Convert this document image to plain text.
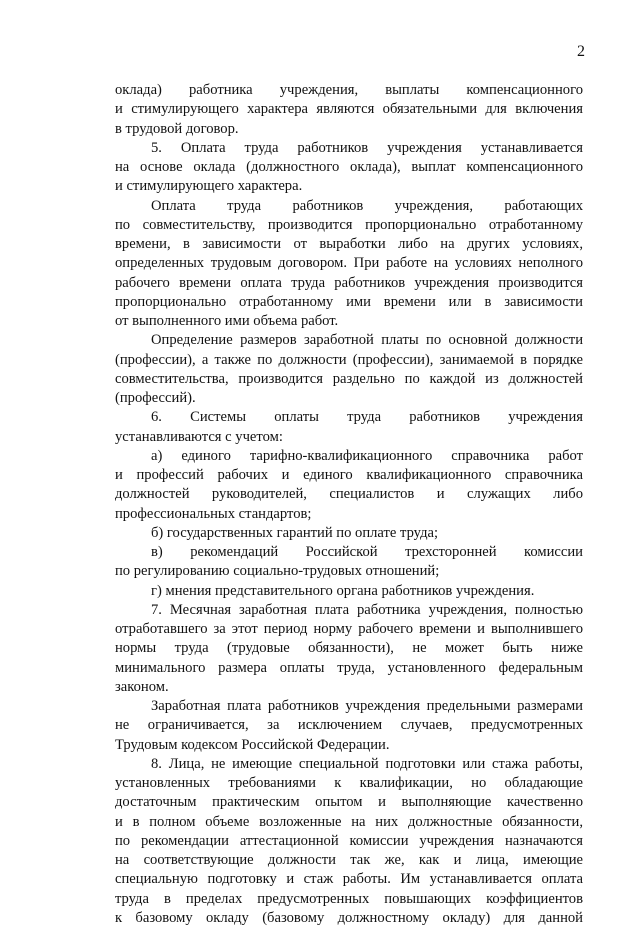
2
оклада) работника учреждения, выплаты компенсационного
и стимулирующего характера являются обязательными для включения
в трудовой договор.
5. Оплата труда работников учреждения устанавливается
на основе оклада (должностного оклада), выплат компенсационного
и стимулирующего характера.
Оплата труда работников учреждения, работающих
по совместительству, производится пропорционально отработанному
времени, в зависимости от выработки либо на других условиях,
определенных трудовым договором. При работе на условиях неполного
рабочего времени оплата труда работников учреждения производится
пропорционально отработанному ими времени или в зависимости
от выполненного ими объема работ.
Определение размеров заработной платы по основной должности
(профессии), а также по должности (профессии), занимаемой в порядке
совместительства, производится раздельно по каждой из должностей
(профессий).
6. Системы оплаты труда работников учреждения
устанавливаются с учетом:
а) единого тарифно-квалификационного справочника работ
и профессий рабочих и единого квалификационного справочника
должностей руководителей, специалистов и служащих либо
профессиональных стандартов;
б) государственных гарантий по оплате труда;
в) рекомендаций Российской трехсторонней комиссии
по регулированию социально-трудовых отношений;
г) мнения представительного органа работников учреждения.
7. Месячная заработная плата работника учреждения, полностью
отработавшего за этот период норму рабочего времени и выполнившего
нормы труда (трудовые обязанности), не может быть ниже
минимального размера оплаты труда, установленного федеральным
законом.
Заработная плата работников учреждения предельными размерами
не ограничивается, за исключением случаев, предусмотренных
Трудовым кодексом Российской Федерации.
8. Лица, не имеющие специальной подготовки или стажа работы,
установленных требованиями к квалификации, но обладающие
достаточным практическим опытом и выполняющие качественно
и в полном объеме возложенные на них должностные обязанности,
по рекомендации аттестационной комиссии учреждения назначаются
на соответствующие должности так же, как и лица, имеющие
специальную подготовку и стаж работы. Им устанавливается оплата
труда в пределах предусмотренных повышающих коэффициентов
к базовому окладу (базовому должностному окладу) для данной
